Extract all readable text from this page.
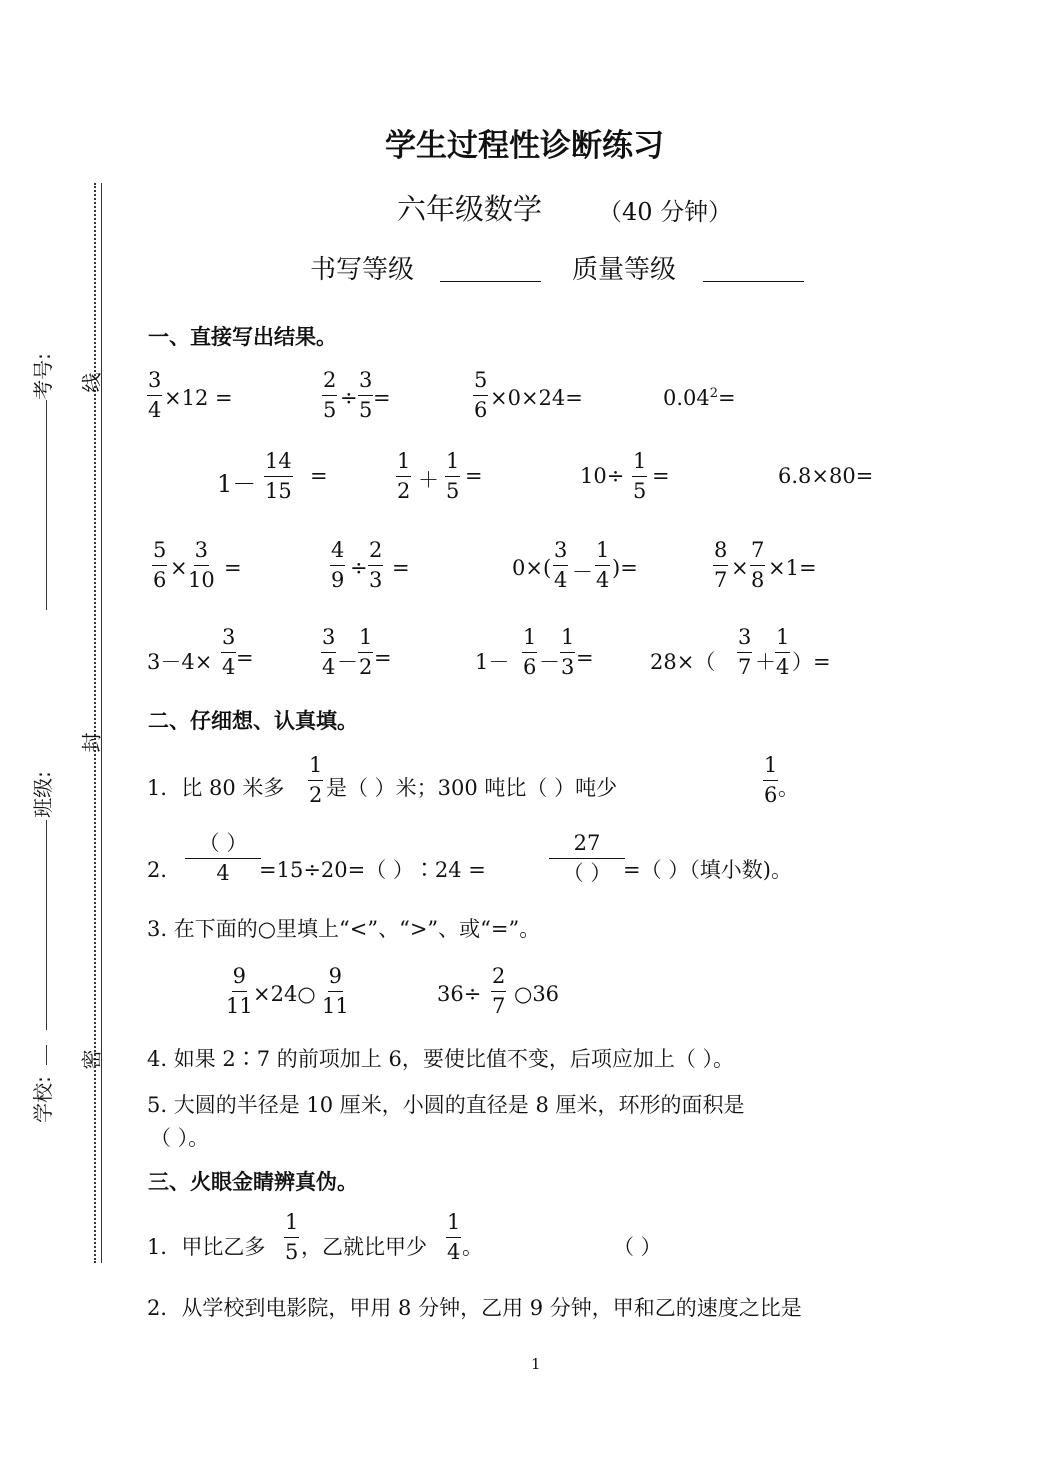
线
封
密
考号:
班级:
学校:
学生过程性诊断练习
六年级数学 （40 分钟）
书写等级	质量等级
一、直接写出结果。
$\frac{3}{4} \times 12$ =	$\frac{2}{5} \div \frac{3}{5}$ =	$\frac{5}{6} \times 0\times 24=$	$0.04^2=$
$1- \frac{14}{15}$ =	$\frac{1}{2} + \frac{1}{5}$ =	$10\div \frac{1}{5}$ =	6.8×80=
$\frac{5}{6} \times \frac{3}{10}$ =	$\frac{4}{9} \div \frac{2}{3}$ =	$0\times( \frac{3}{4} - \frac{1}{4}$ )=	$\frac{8}{7} \times \frac{7}{8} \times 1=$
$3-4\times \frac{3}{4}$ =	$\frac{3}{4} - \frac{1}{2}$ =	$1- \frac{1}{6} - \frac{1}{3}$ =	$28\times( \frac{3}{7} + \frac{1}{4}$ ）=
二、仔细想、认真填。
1．比 80 米多 $\frac{1}{2}$ 是（ ）米；300 吨比（ ）吨少	$\frac{1}{6}$ 。
2．
（ ）
4 =15÷20=（ ）∶24 =
27
（ ） =（ ）（填小数)。
3. 在下面的○里填上“<”、“>”、或“=”。
$\frac{9}{11}$ ×24○ $\frac{9}{11}$	$36\div \frac{2}{7}$ ○36
4. 如果 2∶7 的前项加上 6，要使比值不变，后项应加上（ ）。
5. 大圆的半径是 10 厘米，小圆的直径是 8 厘米，环形的面积是
（ ）。
三、火眼金睛辨真伪。
1．甲比乙多 $\frac{1}{5}$ ，乙就比甲少 $\frac{1}{4}$ 。	（ ）
2．从学校到电影院，甲用 8 分钟，乙用 9 分钟，甲和乙的速度之比是
1
